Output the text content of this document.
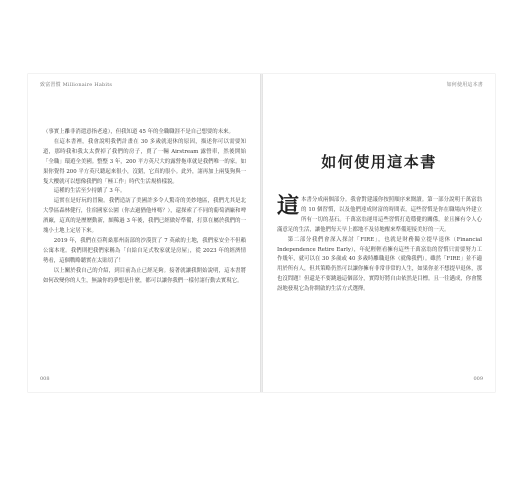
致富習慣 Millionaire Habits

（事實上離非消遣意指老遠），但我知道 45 年的全職職涯不是自己想要的未來。

在這本書裡，我會說明我們計畫在 30 多歲就退休的原因，描述你可以需要知道，那時我和我太太費掉了我們的房子，賣了一輛 Airstream 露營車，然後開始「全職」環遊全美國。整整 3 年，200 平方英尺大的露營拖車就是我們唯一的家。如果你覺得 200 平方英尺聽起來很小，沒錯，它真的很小。此外，諸再加上兩隻狗與一隻大櫻就可以想像我們的「極工作」時代生活規格樣貌。

這種的生活至少持續了 3 年。

這實在是好玩的冒險。我們造訪了美國許多令人驚奇的美妙地區，我們尤其是北大學區森林健行，住宿國家公園（你去過猶他州嗎？），還探索了不同的葡萄酒廠和啤酒廠，這真的是歷歷動新，頗稀過 3 年後，我們已經做好準備，打算在屬於我們的一塊小土地上定居下來。

2019 年，我們在亞利桑那州南部的沙漠買了 7 英畝的土地，我們家安全不但賴公寓本電。我們則把我們家稱為「自給自足式牧家就是房屋」，從 2023 年的經濟情勢看，這個戰略聽實在太貼切了！

以上關於我自己的介紹，到目前為止已經足夠。接著就讓我開始說明，這本書將如何改變你的人生，無論你的夢想是什麼，都可以讓你我們一樣付諸行動去實現它。

008
如何使用這本書
如何使用這本書
這 本書分成兩個部分。我會對建議你按照順序來閱讀。第一部分說明千萬富翁的 10 個習慣，以及他們達成財富的時間表，這些習慣是你在職場內外建立所有一切的基石。千萬富翁運用這些習慣打造穩健的關係，並且擁有令人心滿意足的生活，讓他們每天早上都地不及待地醒來準備迎接美好的一天。

第二部分我們會深入探討「FIRE」，也就是財務獨立提早退休（Financial Independence Retire Early），年紀輕輕看擁有這些千萬富翁的習慣只需要努力工作幾年，就可以在 30 多歲或 40 多歲時離職退休（就像我們）。雖然「FIRE」並不適用於所有人，但其策略仍然可以讓你擁有非常非常的人生，如果你並不想提早退休，那也沒問題！但還是不要跳過這個部分，實際好將自由依然是目標。且一往邁成，你會驚訝地發現它為你開啟的生活方式選擇。

009
